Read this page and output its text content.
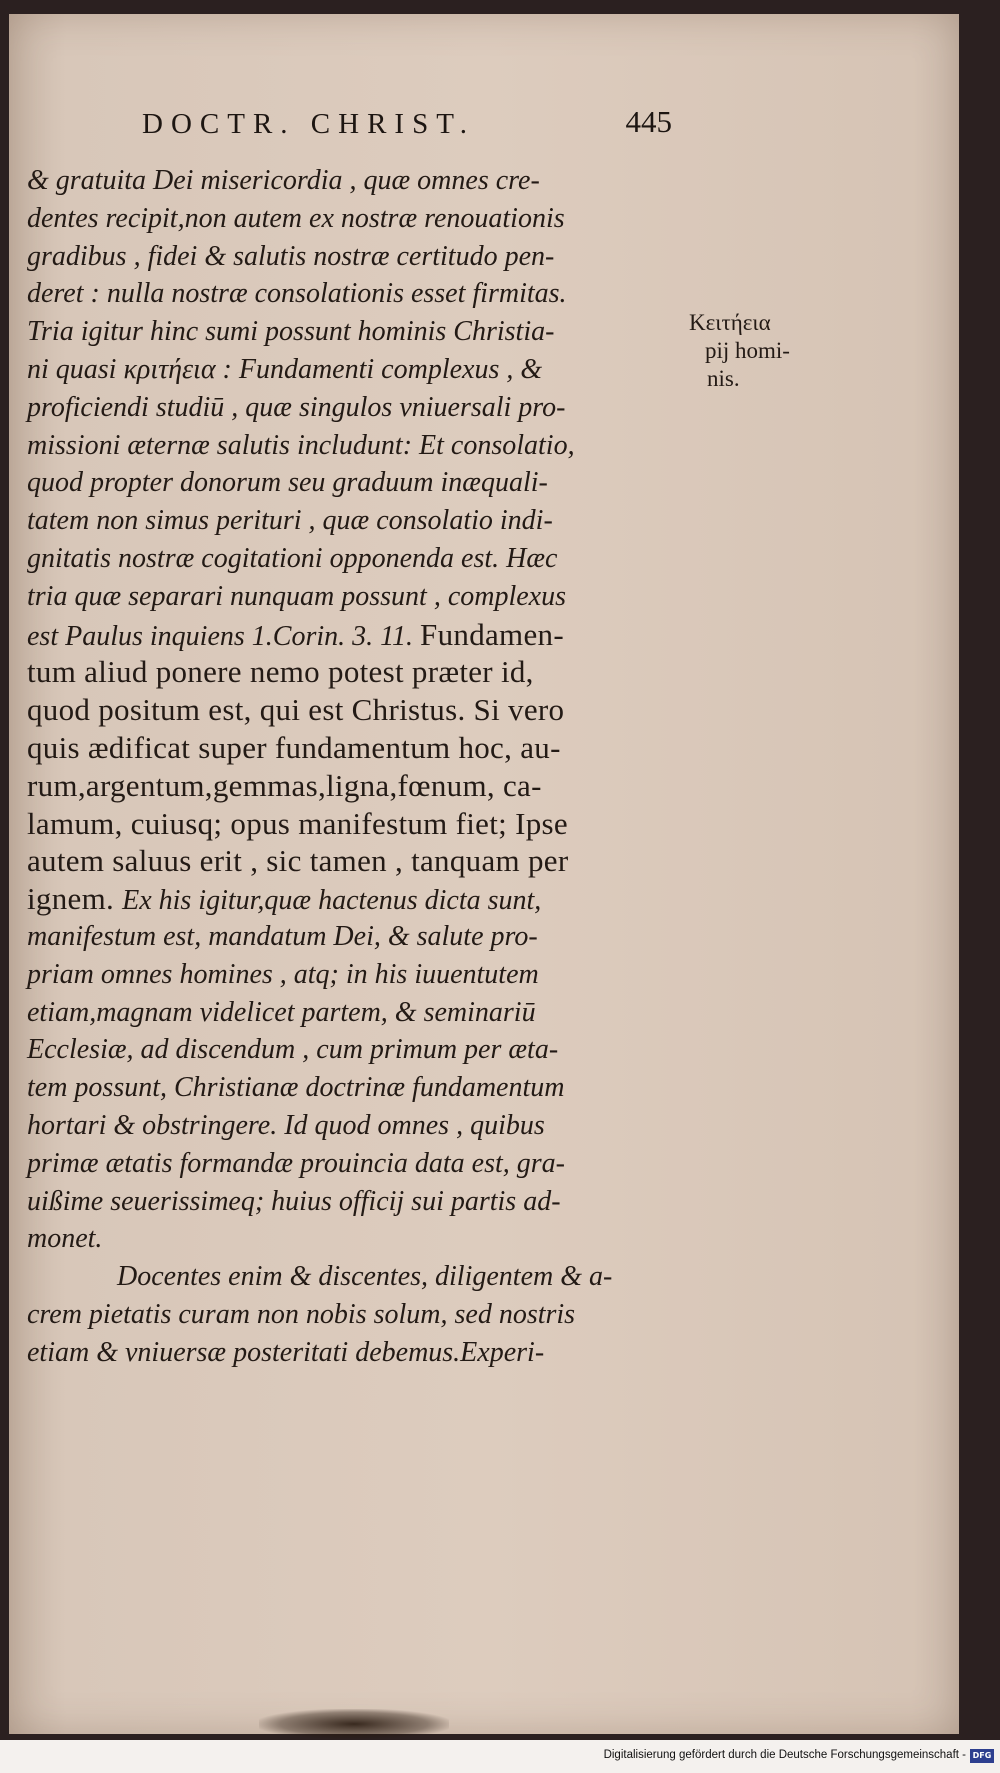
DOCTR. CHRIST.	445
& gratuita Dei misericordia , quæ omnes cre-
dentes recipit,non autem ex nostræ renouationis
gradibus , fidei & salutis nostræ certitudo pen-
deret : nulla nostræ consolationis esset firmitas.
Tria igitur hinc sumi possunt hominis Christia-
ni quasi κριτήεια : Fundamenti complexus , &
proficiendi studiū , quæ singulos vniuersali pro-
missioni æternæ salutis includunt: Et consolatio,
quod propter donorum seu graduum inæquali-
tatem non simus perituri , quæ consolatio indi-
gnitatis nostræ cogitationi opponenda est. Hæc
tria quæ separari nunquam possunt , complexus
est Paulus inquiens 1.Corin. 3. 11. Fundamen-
tum aliud ponere nemo potest præter id,
quod positum est, qui est Christus. Si vero
quis ædificat super fundamentum hoc, au-
rum,argentum,gemmas,ligna,fœnum, ca-
lamum, cuiusq; opus manifestum fiet; Ipse
autem saluus erit , sic tamen , tanquam per
ignem. Ex his igitur,quæ hactenus dicta sunt,
manifestum est, mandatum Dei, & salute pro-
priam omnes homines , atq; in his iuuentutem
etiam,magnam videlicet partem, & seminariū
Ecclesiæ, ad discendum , cum primum per æta-
tem possunt, Christianæ doctrinæ fundamentum
hortari & obstringere. Id quod omnes , quibus
primæ ætatis formandæ prouincia data est, gra-
uißime seuerissimeq; huius officij sui partis ad-
monet.
Docentes enim & discentes, diligentem & a-
crem pietatis curam non nobis solum, sed nostris
etiam & vniuersæ posteritati debemus.Experi-
Κειτήεια
pij homi-
nis.
Digitalisierung gefördert durch die Deutsche Forschungsgemeinschaft - DFG
